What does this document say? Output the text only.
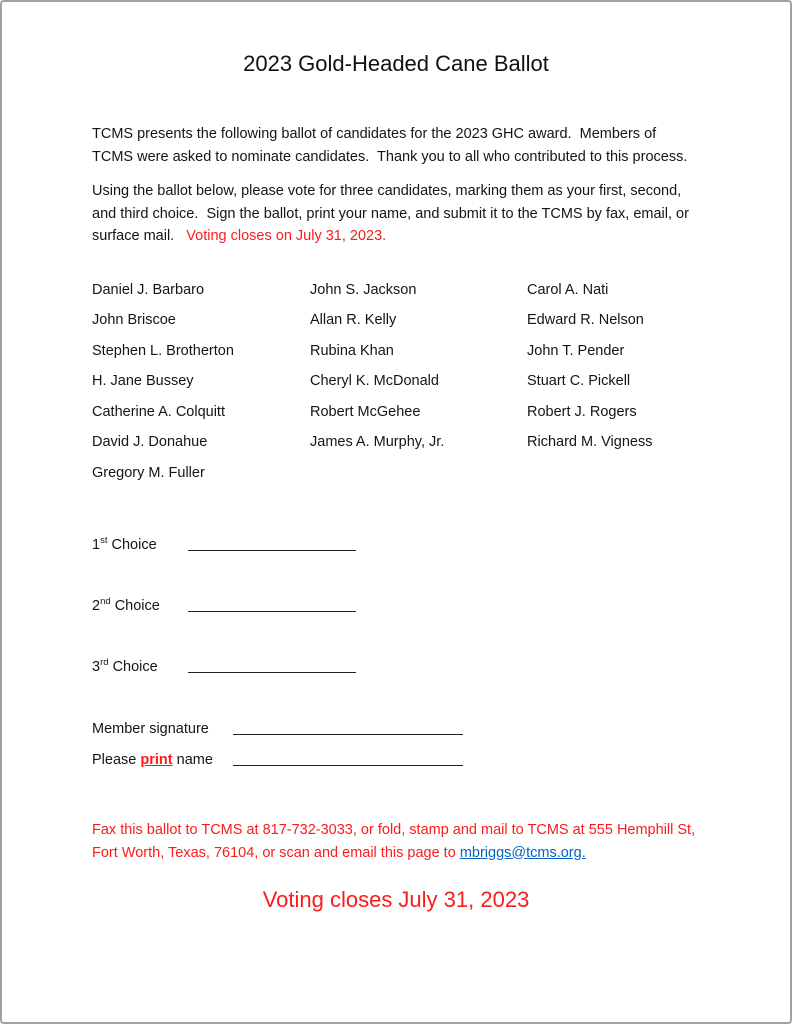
2023 Gold-Headed Cane Ballot

TCMS presents the following ballot of candidates for the 2023 GHC award.  Members of TCMS were asked to nominate candidates.  Thank you to all who contributed to this process.

Using the ballot below, please vote for three candidates, marking them as your first, second, and third choice.  Sign the ballot, print your name, and submit it to the TCMS by fax, email, or surface mail.   Voting closes on July 31, 2023.

Daniel J. Barbaro
John Briscoe
Stephen L. Brotherton
H. Jane Bussey
Catherine A. Colquitt
David J. Donahue
Gregory M. Fuller
John S. Jackson
Allan R. Kelly
Rubina Khan
Cheryl K. McDonald
Robert McGehee
James A. Murphy, Jr.
Carol A. Nati
Edward R. Nelson
John T. Pender
Stuart C. Pickell
Robert J. Rogers
Richard M. Vigness
1st Choice
2nd Choice
3rd Choice
Member signature
Please print name

Fax this ballot to TCMS at 817-732-3033, or fold, stamp and mail to TCMS at 555 Hemphill St, Fort Worth, Texas, 76104, or scan and email this page to mbriggs@tcms.org.

Voting closes July 31, 2023
